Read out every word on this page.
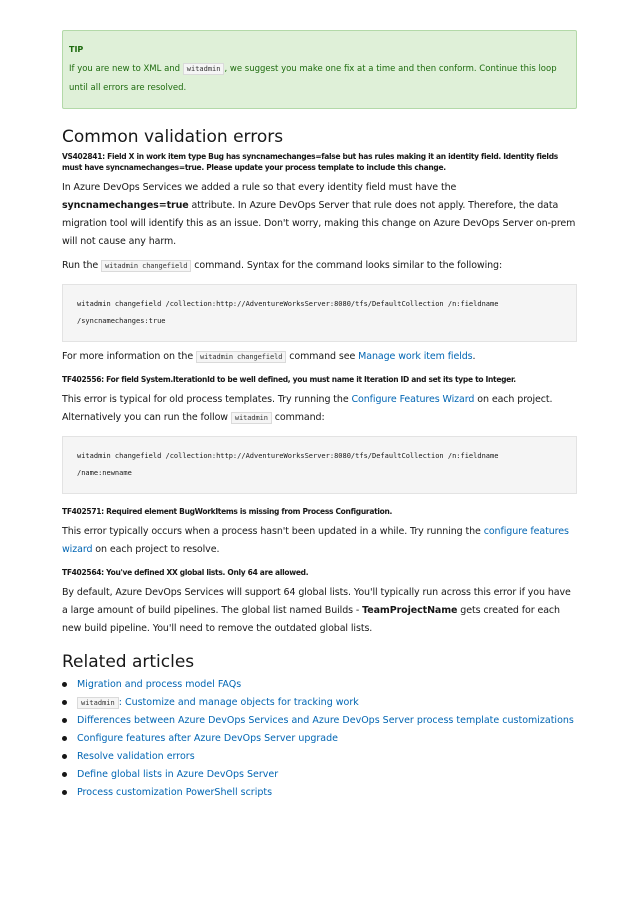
TIP
If you are new to XML and witadmin , we suggest you make one fix at a time and then conform. Continue this loop until all errors are resolved.
Common validation errors
VS402841: Field X in work item type Bug has syncnamechanges=false but has rules making it an identity field. Identity fields must have syncnamechanges=true. Please update your process template to include this change.

In Azure DevOps Services we added a rule so that every identity field must have the syncnamechanges=true attribute. In Azure DevOps Server that rule does not apply. Therefore, the data migration tool will identify this as an issue. Don't worry, making this change on Azure DevOps Server on-prem will not cause any harm.

Run the witadmin changefield command. Syntax for the command looks similar to the following:

witadmin changefield /collection:http://AdventureWorksServer:8080/tfs/DefaultCollection /n:fieldname
/syncnamechanges:true

For more information on the witadmin changefield command see Manage work item fields.

TF402556: For field System.IterationId to be well defined, you must name it Iteration ID and set its type to Integer.

This error is typical for old process templates. Try running the Configure Features Wizard on each project. Alternatively you can run the follow witadmin command:

witadmin changefield /collection:http://AdventureWorksServer:8080/tfs/DefaultCollection /n:fieldname
/name:newname
TF402571: Required element BugWorkItems is missing from Process Configuration.

This error typically occurs when a process hasn't been updated in a while. Try running the configure features wizard on each project to resolve.

TF402564: You've defined XX global lists. Only 64 are allowed.

By default, Azure DevOps Services will support 64 global lists. You'll typically run across this error if you have a large amount of build pipelines. The global list named Builds - TeamProjectName gets created for each new build pipeline. You'll need to remove the outdated global lists.

Related articles
Migration and process model FAQs
witadmin : Customize and manage objects for tracking work
Differences between Azure DevOps Services and Azure DevOps Server process template customizations
Configure features after Azure DevOps Server upgrade
Resolve validation errors
Define global lists in Azure DevOps Server
Process customization PowerShell scripts
